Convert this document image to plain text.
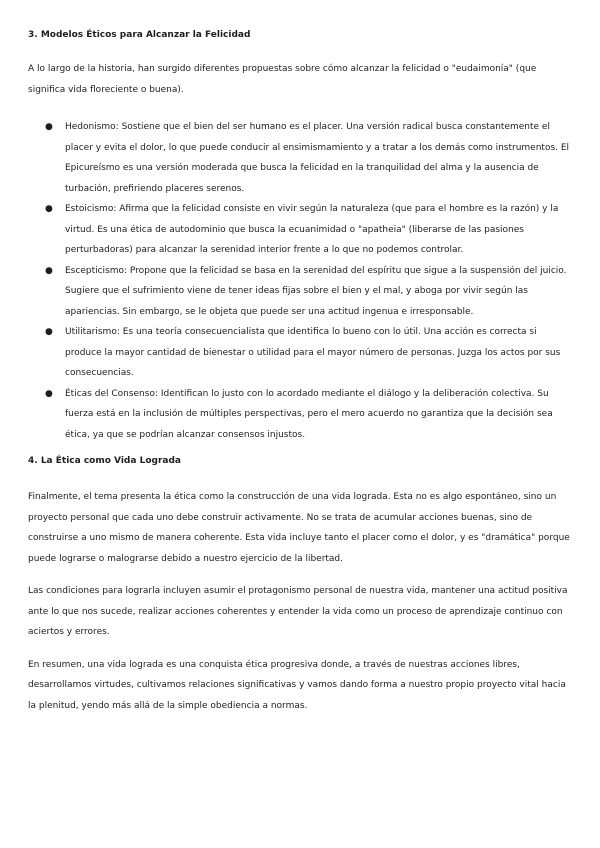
3. Modelos Éticos para Alcanzar la Felicidad

A lo largo de la historia, han surgido diferentes propuestas sobre cómo alcanzar la felicidad o "eudaimonía" (que significa vida floreciente o buena).

● Hedonismo: Sostiene que el bien del ser humano es el placer. Una versión radical busca constantemente el placer y evita el dolor, lo que puede conducir al ensimismamiento y a tratar a los demás como instrumentos. El Epicureísmo es una versión moderada que busca la felicidad en la tranquilidad del alma y la ausencia de turbación, prefiriendo placeres serenos.
● Estoicismo: Afirma que la felicidad consiste en vivir según la naturaleza (que para el hombre es la razón) y la virtud. Es una ética de autodominio que busca la ecuanimidad o "apatheia" (liberarse de las pasiones perturbadoras) para alcanzar la serenidad interior frente a lo que no podemos controlar.
● Escepticismo: Propone que la felicidad se basa en la serenidad del espíritu que sigue a la suspensión del juicio. Sugiere que el sufrimiento viene de tener ideas fijas sobre el bien y el mal, y aboga por vivir según las apariencias. Sin embargo, se le objeta que puede ser una actitud ingenua e irresponsable.
● Utilitarismo: Es una teoría consecuencialista que identifica lo bueno con lo útil. Una acción es correcta si produce la mayor cantidad de bienestar o utilidad para el mayor número de personas. Juzga los actos por sus consecuencias.
● Éticas del Consenso: Identifican lo justo con lo acordado mediante el diálogo y la deliberación colectiva. Su fuerza está en la inclusión de múltiples perspectivas, pero el mero acuerdo no garantiza que la decisión sea ética, ya que se podrían alcanzar consensos injustos.
4. La Ética como Vida Lograda

Finalmente, el tema presenta la ética como la construcción de una vida lograda. Esta no es algo espontáneo, sino un proyecto personal que cada uno debe construir activamente. No se trata de acumular acciones buenas, sino de construirse a uno mismo de manera coherente. Esta vida incluye tanto el placer como el dolor, y es "dramática" porque puede lograrse o malograrse debido a nuestro ejercicio de la libertad.

Las condiciones para lograrla incluyen asumir el protagonismo personal de nuestra vida, mantener una actitud positiva ante lo que nos sucede, realizar acciones coherentes y entender la vida como un proceso de aprendizaje continuo con aciertos y errores.

En resumen, una vida lograda es una conquista ética progresiva donde, a través de nuestras acciones libres, desarrollamos virtudes, cultivamos relaciones significativas y vamos dando forma a nuestro propio proyecto vital hacia la plenitud, yendo más allá de la simple obediencia a normas.
